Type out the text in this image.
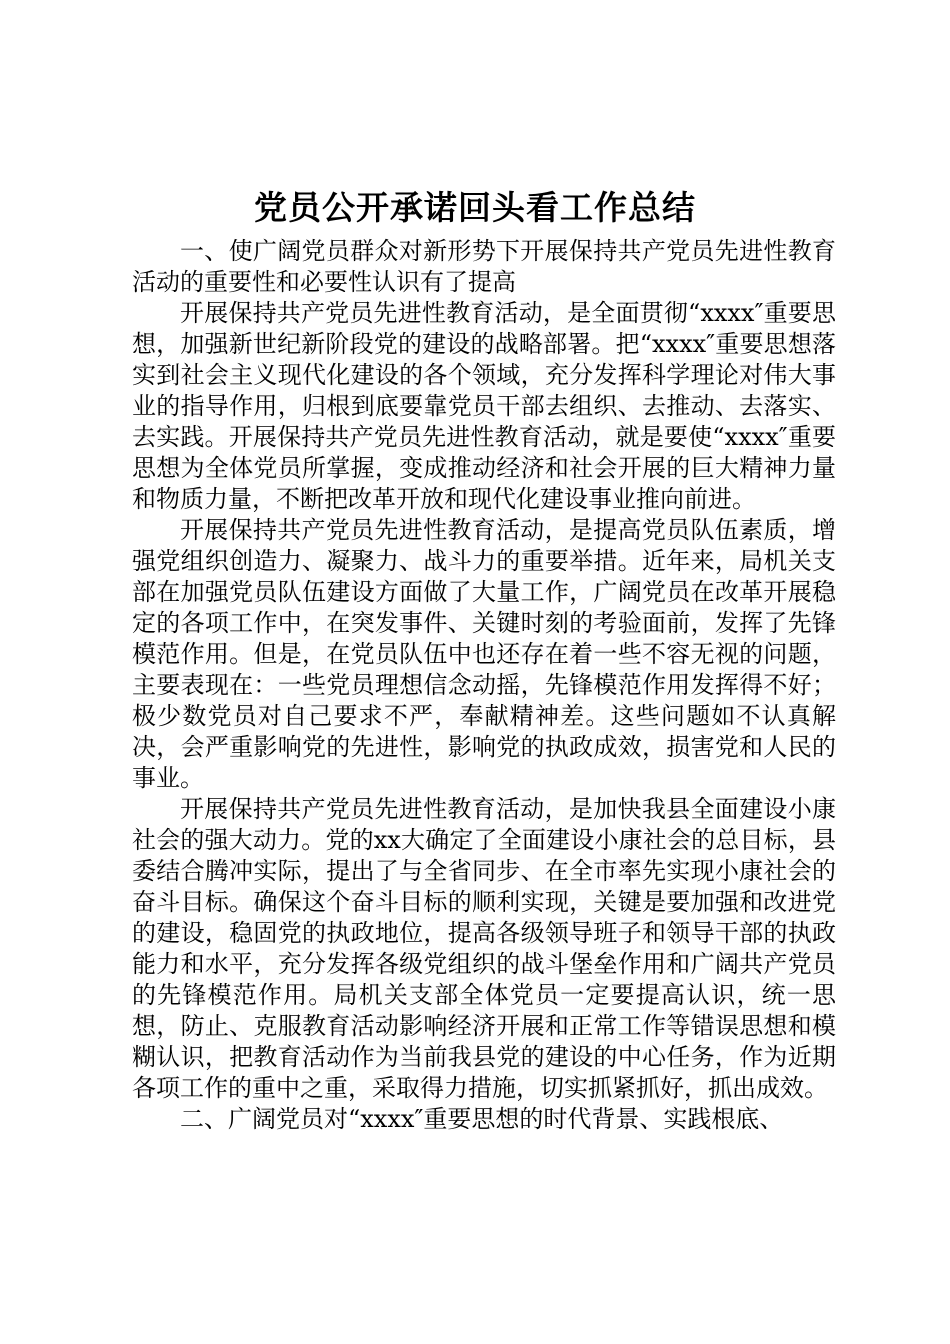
党员公开承诺回头看工作总结

一、使广阔党员群众对新形势下开展保持共产党员先进性教育活动的重要性和必要性认识有了提高

开展保持共产党员先进性教育活动，是全面贯彻“xxxx″重要思想，加强新世纪新阶段党的建设的战略部署。把“xxxx″重要思想落实到社会主义现代化建设的各个领域，充分发挥科学理论对伟大事业的指导作用，归根到底要靠党员干部去组织、去推动、去落实、去实践。开展保持共产党员先进性教育活动，就是要使“xxxx″重要思想为全体党员所掌握，变成推动经济和社会开展的巨大精神力量和物质力量，不断把改革开放和现代化建设事业推向前进。

开展保持共产党员先进性教育活动，是提高党员队伍素质，增强党组织创造力、凝聚力、战斗力的重要举措。近年来，局机关支部在加强党员队伍建设方面做了大量工作，广阔党员在改革开展稳定的各项工作中，在突发事件、关键时刻的考验面前，发挥了先锋模范作用。但是，在党员队伍中也还存在着一些不容无视的问题，主要表现在：一些党员理想信念动摇，先锋模范作用发挥得不好；极少数党员对自己要求不严，奉献精神差。这些问题如不认真解决，会严重影响党的先进性，影响党的执政成效，损害党和人民的事业。

开展保持共产党员先进性教育活动，是加快我县全面建设小康社会的强大动力。党的xx大确定了全面建设小康社会的总目标，县委结合腾冲实际，提出了与全省同步、在全市率先实现小康社会的奋斗目标。确保这个奋斗目标的顺利实现，关键是要加强和改进党的建设，稳固党的执政地位，提高各级领导班子和领导干部的执政能力和水平，充分发挥各级党组织的战斗堡垒作用和广阔共产党员的先锋模范作用。局机关支部全体党员一定要提高认识，统一思想，防止、克服教育活动影响经济开展和正常工作等错误思想和模糊认识，把教育活动作为当前我县党的建设的中心任务，作为近期各项工作的重中之重，采取得力措施，切实抓紧抓好，抓出成效。

二、广阔党员对“xxxx″重要思想的时代背景、实践根底、
